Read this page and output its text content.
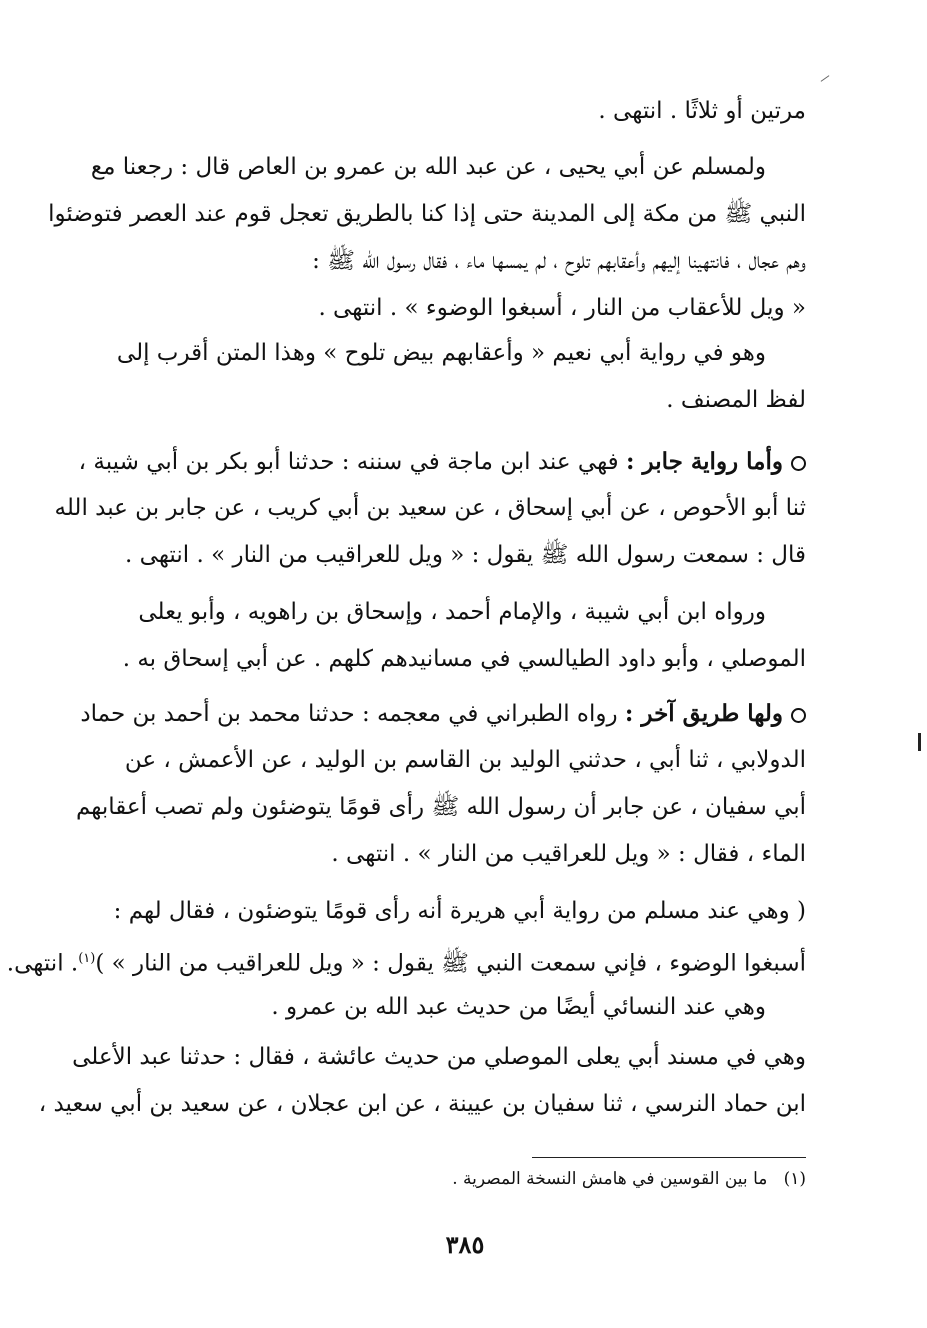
مرتين أو ثلاثًا . انتهى .
ولمسلم عن أبي يحيى ، عن عبد الله بن عمرو بن العاص قال : رجعنا مع
النبي ﷺ من مكة إلى المدينة حتى إذا كنا بالطريق تعجل قوم عند العصر فتوضئوا
وهم عجال ، فانتهينا إليهم وأعقابهم تلوح ، لم يمسها ماء ، فقال رسول الله ﷺ :
« ويل للأعقاب من النار ، أسبغوا الوضوء » . انتهى .
وهو في رواية أبي نعيم « وأعقابهم بيض تلوح » وهذا المتن أقرب إلى
لفظ المصنف .
وأما رواية جابر : فهي عند ابن ماجة في سننه : حدثنا أبو بكر بن أبي شيبة ،
ثنا أبو الأحوص ، عن أبي إسحاق ، عن سعيد بن أبي كريب ، عن جابر بن عبد الله
قال : سمعت رسول الله ﷺ يقول : « ويل للعراقيب من النار » . انتهى .
ورواه ابن أبي شيبة ، والإمام أحمد ، وإسحاق بن راهويه ، وأبو يعلى
الموصلي ، وأبو داود الطيالسي في مسانيدهم كلهم . عن أبي إسحاق به .
ولها طريق آخر : رواه الطبراني في معجمه : حدثنا محمد بن أحمد بن حماد
الدولابي ، ثنا أبي ، حدثني الوليد بن القاسم بن الوليد ، عن الأعمش ، عن
أبي سفيان ، عن جابر أن رسول الله ﷺ رأى قومًا يتوضئون ولم تصب أعقابهم
الماء ، فقال : « ويل للعراقيب من النار » . انتهى .
( وهي عند مسلم من رواية أبي هريرة أنه رأى قومًا يتوضئون ، فقال لهم :
أسبغوا الوضوء ، فإني سمعت النبي ﷺ يقول : « ويل للعراقيب من النار » )$^{(١)}$. انتهى.
وهي عند النسائي أيضًا من حديث عبد الله بن عمرو .
وهي في مسند أبي يعلى الموصلي من حديث عائشة ، فقال : حدثنا عبد الأعلى
ابن حماد النرسي ، ثنا سفيان بن عيينة ، عن ابن عجلان ، عن سعيد بن أبي سعيد ،
(١)   ما بين القوسين في هامش النسخة المصرية .
٣٨٥
